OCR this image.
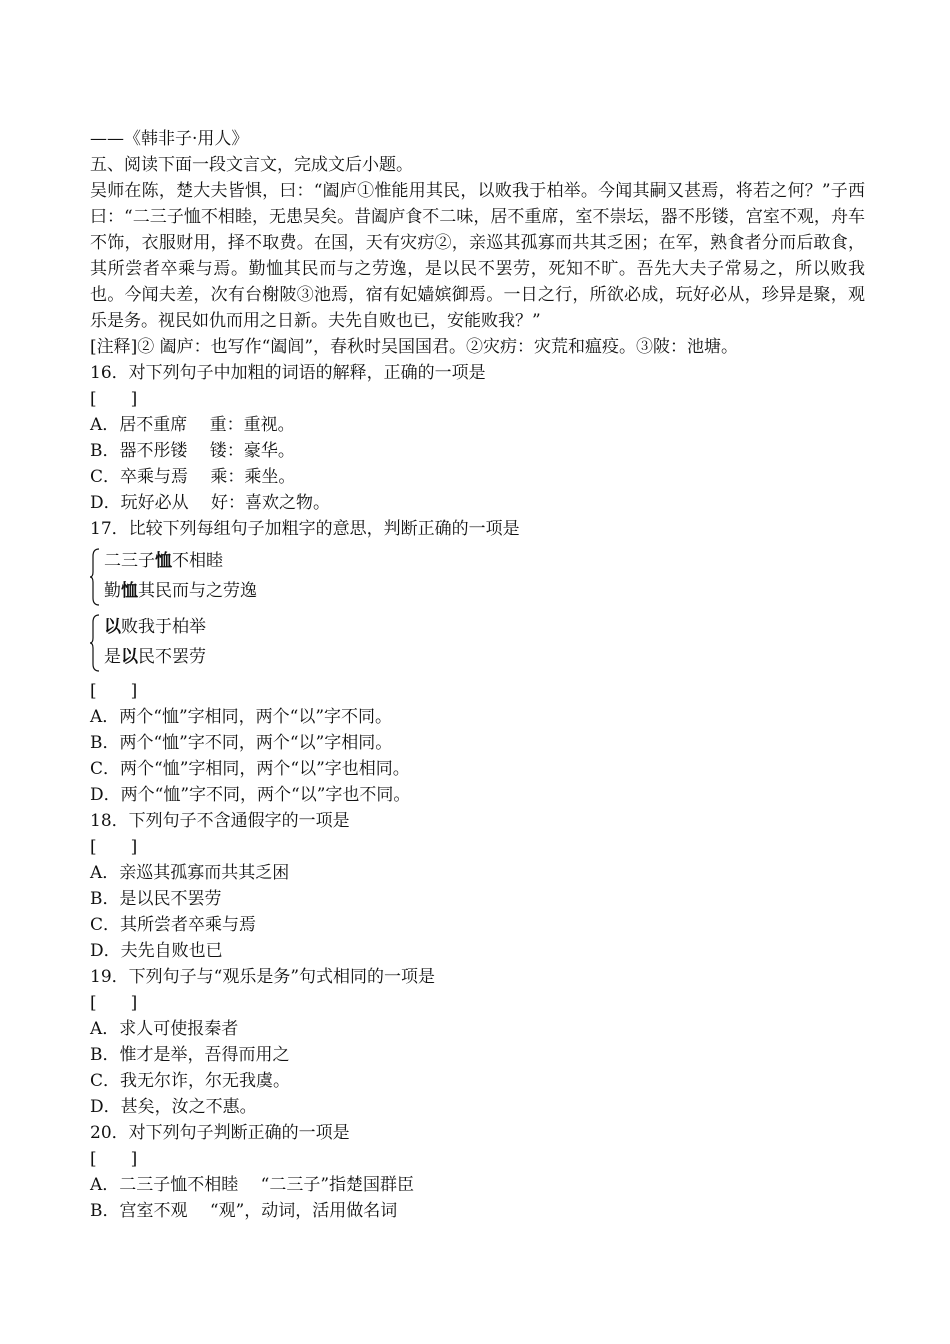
——《韩非子·用人》

五、阅读下面一段文言文，完成文后小题。

吴师在陈，楚大夫皆惧，曰：“阖庐①惟能用其民，以败我于柏举。今闻其嗣又甚焉，将若之何？”子西曰：“二三子恤不相睦，无患吴矣。昔阖庐食不二味，居不重席，室不崇坛，器不彤镂，宫室不观，舟车不饰，衣服财用，择不取费。在国，天有灾疠②，亲巡其孤寡而共其乏困；在军，熟食者分而后敢食，其所尝者卒乘与焉。勤恤其民而与之劳逸，是以民不罢劳，死知不旷。吾先大夫子常易之，所以败我也。今闻夫差，次有台榭陂③池焉，宿有妃嫱嫔御焉。一日之行，所欲必成，玩好必从，珍异是聚，观乐是务。视民如仇而用之日新。夫先自败也已，安能败我？”

[注释]② 阖庐：也写作“阖闾”，春秋时吴国国君。②灾疠：灾荒和瘟疫。③陂：池塘。

16．对下列句子中加粗的词语的解释，正确的一项是

[　　]

A．居不重席　 重：重视。

B．器不彤镂　 镂：豪华。

C．卒乘与焉　 乘：乘坐。

D．玩好必从　 好：喜欢之物。

17．比较下列每组句子加粗字的意思，判断正确的一项是

二三子恤不相睦
勤恤其民而与之劳逸
以败我于柏举
是以民不罢劳

[　　]

A．两个“恤”字相同，两个“以”字不同。

B．两个“恤”字不同，两个“以”字相同。

C．两个“恤”字相同，两个“以”字也相同。

D．两个“恤”字不同，两个“以”字也不同。

18．下列句子不含通假字的一项是

[　　]

A．亲巡其孤寡而共其乏困

B．是以民不罢劳

C．其所尝者卒乘与焉

D．夫先自败也已

19．下列句子与“观乐是务”句式相同的一项是

[　　]

A．求人可使报秦者

B．惟才是举，吾得而用之

C．我无尔诈，尔无我虞。

D．甚矣，汝之不惠。

20．对下列句子判断正确的一项是

[　　]

A．二三子恤不相睦　 “二三子”指楚国群臣

B．宫室不观　 “观”，动词，活用做名词
